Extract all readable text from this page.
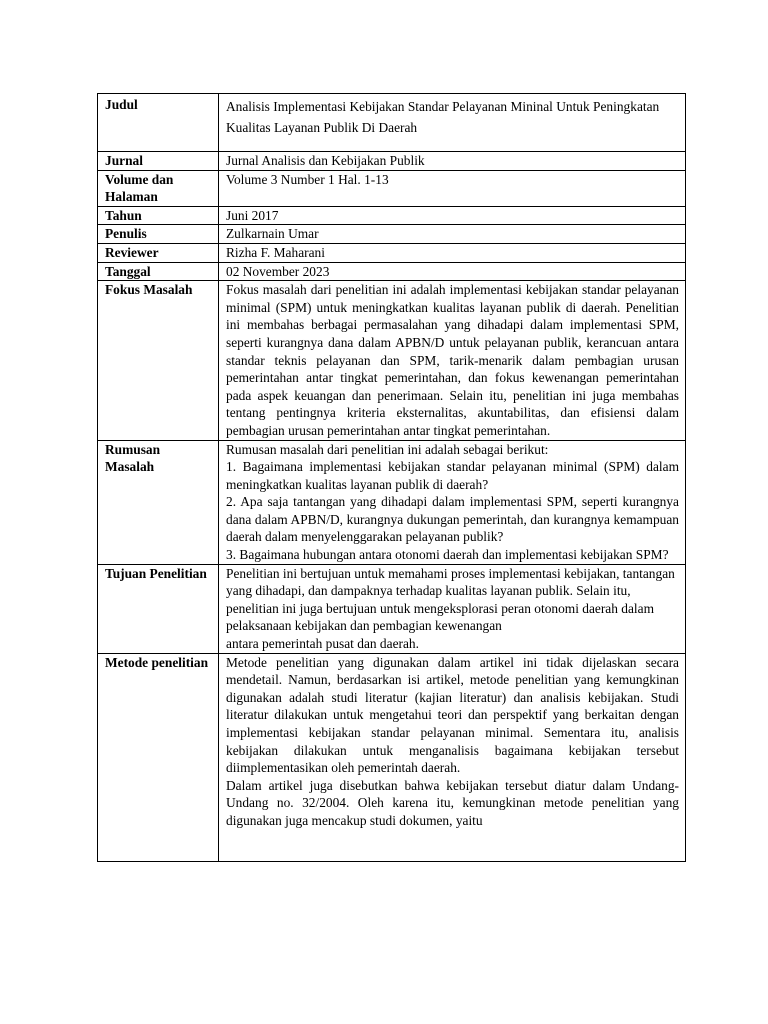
Judul	Analisis Implementasi Kebijakan Standar Pelayanan Mininal Untuk Peningkatan Kualitas Layanan Publik Di Daerah
Jurnal	Jurnal Analisis dan Kebijakan Publik
Volume dan Halaman	Volume 3 Number 1 Hal. 1-13
Tahun	Juni 2017
Penulis	Zulkarnain Umar
Reviewer	Rizha F. Maharani
Tanggal	02 November 2023
Fokus Masalah	Fokus masalah dari penelitian ini adalah implementasi kebijakan standar pelayanan minimal (SPM) untuk meningkatkan kualitas layanan publik di daerah. Penelitian ini membahas berbagai permasalahan yang dihadapi dalam implementasi SPM, seperti kurangnya dana dalam APBN/D untuk pelayanan publik, kerancuan antara standar teknis pelayanan dan SPM, tarik-menarik dalam pembagian urusan pemerintahan antar tingkat pemerintahan, dan fokus kewenangan pemerintahan pada aspek keuangan dan penerimaan. Selain itu, penelitian ini juga membahas tentang pentingnya kriteria eksternalitas, akuntabilitas, dan efisiensi dalam pembagian urusan pemerintahan antar tingkat pemerintahan.
Rumusan Masalah	Rumusan masalah dari penelitian ini adalah sebagai berikut:
1. Bagaimana implementasi kebijakan standar pelayanan minimal (SPM) dalam meningkatkan kualitas layanan publik di daerah?
2. Apa saja tantangan yang dihadapi dalam implementasi SPM, seperti kurangnya dana dalam APBN/D, kurangnya dukungan pemerintah, dan kurangnya kemampuan daerah dalam menyelenggarakan pelayanan publik?
3. Bagaimana hubungan antara otonomi daerah dan implementasi kebijakan SPM?

Tujuan Penelitian	Penelitian ini bertujuan untuk memahami proses implementasi kebijakan, tantangan yang dihadapi, dan dampaknya terhadap kualitas layanan publik. Selain itu, penelitian ini juga bertujuan untuk mengeksplorasi peran otonomi daerah dalam pelaksanaan kebijakan dan pembagian kewenangan
antara pemerintah pusat dan daerah.

Metode penelitian	Metode penelitian yang digunakan dalam artikel ini tidak dijelaskan secara mendetail. Namun, berdasarkan isi artikel, metode penelitian yang kemungkinan digunakan adalah studi literatur (kajian literatur) dan analisis kebijakan. Studi literatur dilakukan untuk mengetahui teori dan perspektif yang berkaitan dengan implementasi kebijakan standar pelayanan minimal. Sementara itu, analisis kebijakan dilakukan untuk menganalisis bagaimana kebijakan tersebut diimplementasikan oleh pemerintah daerah.
Dalam artikel juga disebutkan bahwa kebijakan tersebut diatur dalam Undang-Undang no. 32/2004. Oleh karena itu, kemungkinan metode penelitian yang digunakan juga mencakup studi dokumen, yaitu
